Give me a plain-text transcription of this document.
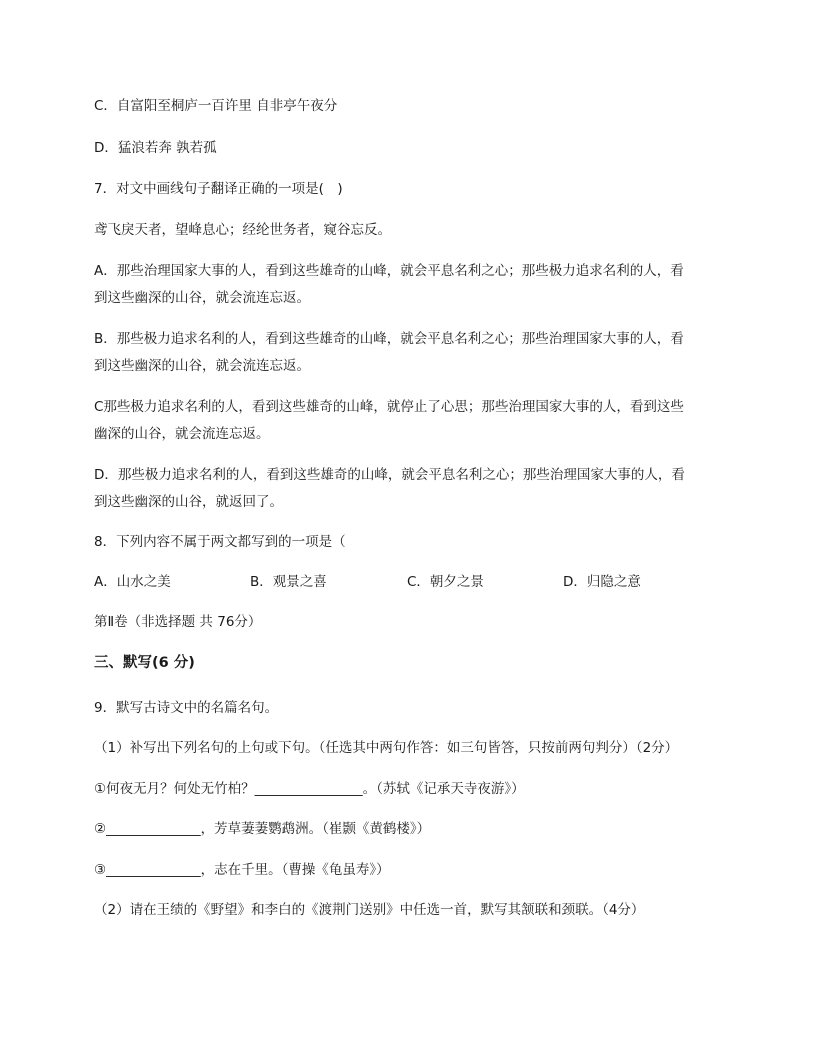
C．自富阳至桐庐一百许里 自非亭午夜分
D．猛浪若奔 孰若孤
7．对文中画线句子翻译正确的一项是(　)
鸢飞戾天者，望峰息心；经纶世务者，窥谷忘反。
A．那些治理国家大事的人，看到这些雄奇的山峰，就会平息名利之心；那些极力追求名利的人，看
到这些幽深的山谷，就会流连忘返。
B．那些极力追求名利的人，看到这些雄奇的山峰，就会平息名利之心；那些治理国家大事的人，看
到这些幽深的山谷，就会流连忘返。
C那些极力追求名利的人，看到这些雄奇的山峰，就停止了心思；那些治理国家大事的人，看到这些
幽深的山谷，就会流连忘返。
D．那些极力追求名利的人，看到这些雄奇的山峰，就会平息名利之心；那些治理国家大事的人，看
到这些幽深的山谷，就返回了。
8．下列内容不属于两文都写到的一项是（
A．山水之美	B．观景之喜	C．朝夕之景	D．归隐之意
第Ⅱ卷（非选择题 共 76分）
三、默写(6 分)
9．默写古诗文中的名篇名句。
（1）补写出下列名句的上句或下句。（任选其中两句作答：如三句皆答，只按前两句判分）（2分）
①何夜无月？何处无竹柏？________________。（苏轼《记承天寺夜游》）
②______________，芳草萋萋鹦鹉洲。（崔颢《黄鹤楼》）
③______________，志在千里。（曹操《龟虽寿》）
（2）请在王绩的《野望》和李白的《渡荆门送别》中任选一首，默写其颔联和颈联。（4分）
